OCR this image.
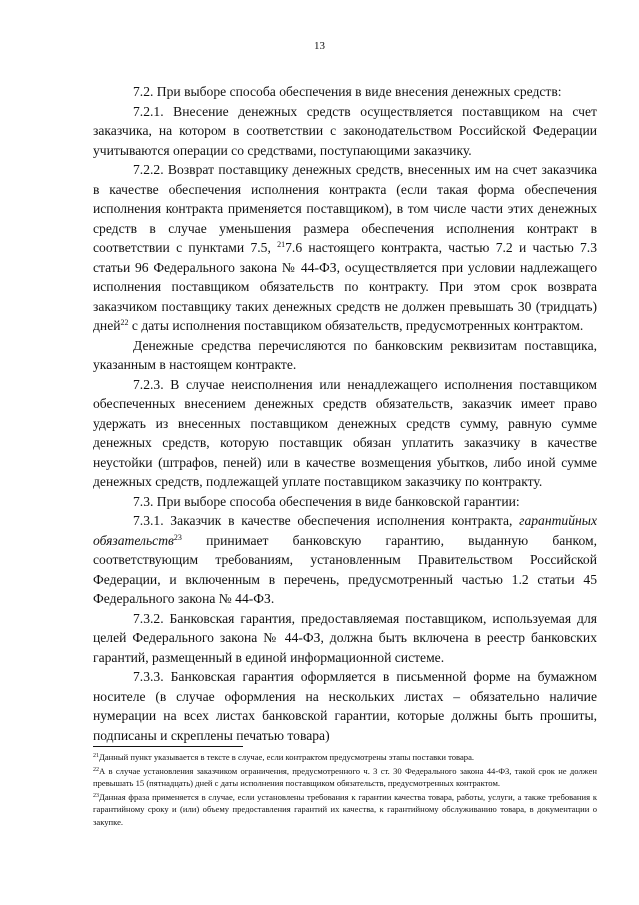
13

7.2. При выборе способа обеспечения в виде внесения денежных средств:

7.2.1. Внесение денежных средств осуществляется поставщиком на счет заказчика, на котором в соответствии с законодательством Российской Федерации учитываются операции со средствами, поступающими заказчику.

7.2.2. Возврат поставщику денежных средств, внесенных им на счет заказчика в качестве обеспечения исполнения контракта (если такая форма обеспечения исполнения контракта применяется поставщиком), в том числе части этих денежных средств в случае уменьшения размера обеспечения исполнения контракт в соответствии с пунктами 7.5, $^{21}$7.6 настоящего контракта, частью 7.2 и частью 7.3 статьи 96 Федерального закона № 44-ФЗ, осуществляется при условии надлежащего исполнения поставщиком обязательств по контракту. При этом срок возврата заказчиком поставщику таких денежных средств не должен превышать 30 (тридцать) дней$^{22}$ с даты исполнения поставщиком обязательств, предусмотренных контрактом.

Денежные средства перечисляются по банковским реквизитам поставщика, указанным в настоящем контракте.

7.2.3. В случае неисполнения или ненадлежащего исполнения поставщиком обеспеченных внесением денежных средств обязательств, заказчик имеет право удержать из внесенных поставщиком денежных средств сумму, равную сумме денежных средств, которую поставщик обязан уплатить заказчику в качестве неустойки (штрафов, пеней) или в качестве возмещения убытков, либо иной сумме денежных средств, подлежащей уплате поставщиком заказчику по контракту.

7.3. При выборе способа обеспечения в виде банковской гарантии:

7.3.1. Заказчик в качестве обеспечения исполнения контракта, гарантийных обязательств$^{23}$ принимает банковскую гарантию, выданную банком, соответствующим требованиям, установленным Правительством Российской Федерации, и включенным в перечень, предусмотренный частью 1.2 статьи 45 Федерального закона № 44-ФЗ.

7.3.2. Банковская гарантия, предоставляемая поставщиком, используемая для целей Федерального закона № 44-ФЗ, должна быть включена в реестр банковских гарантий, размещенный в единой информационной системе.

7.3.3. Банковская гарантия оформляется в письменной форме на бумажном носителе (в случае оформления на нескольких листах – обязательно наличие нумерации на всех листах банковской гарантии, которые должны быть прошиты, подписаны и скреплены печатью товара)

$^{21}$Данный пункт указывается в тексте в случае, если контрактом предусмотрены этапы поставки товара.

$^{22}$А в случае установления заказчиком ограничения, предусмотренного ч. 3 ст. 30 Федерального закона 44-ФЗ, такой срок не должен превышать 15 (пятнадцать) дней с даты исполнения поставщиком обязательств, предусмотренных контрактом.

$^{23}$Данная фраза применяется в случае, если установлены требования к гарантии качества товара, работы, услуги, а также требования к гарантийному сроку и (или) объему предоставления гарантий их качества, к гарантийному обслуживанию товара, в документации о закупке.
